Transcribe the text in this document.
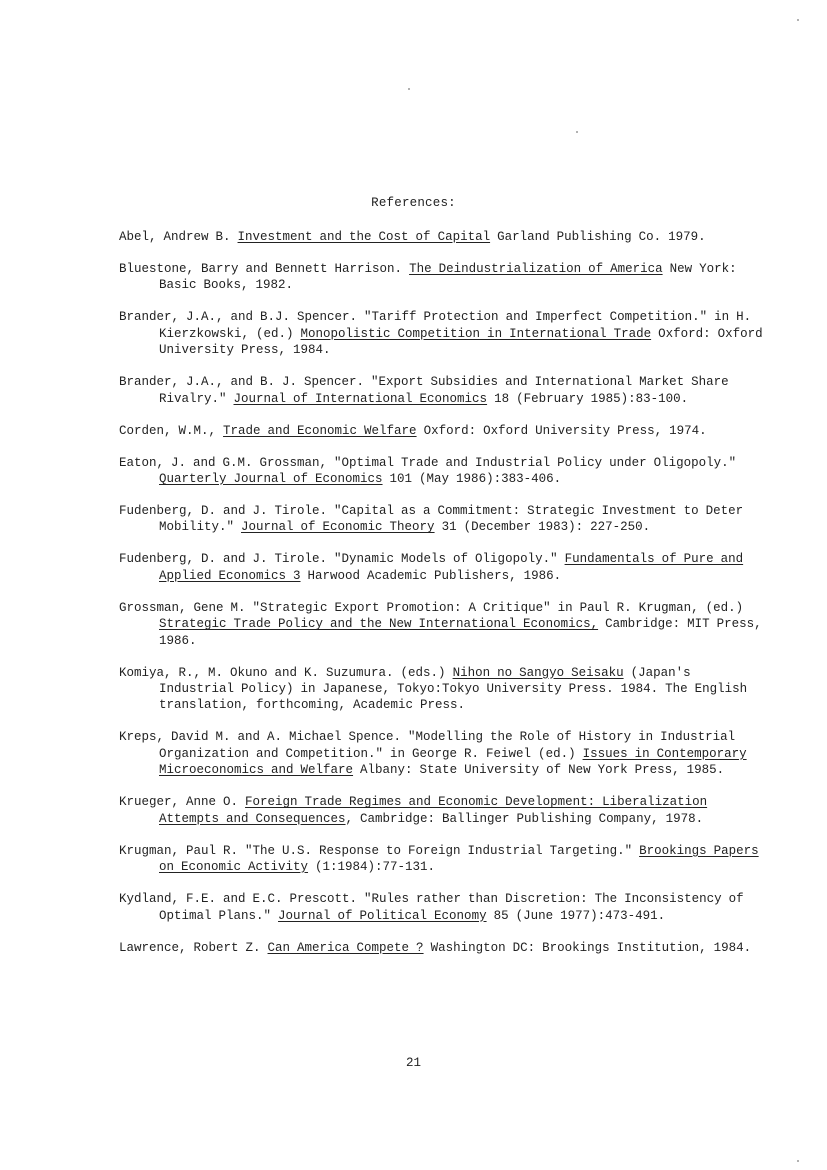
References:

Abel, Andrew B. Investment and the Cost of Capital Garland Publishing Co. 1979.

Bluestone, Barry and Bennett Harrison. The Deindustrialization of America New York: Basic Books, 1982.

Brander, J.A., and B.J. Spencer. "Tariff Protection and Imperfect Competition." in H. Kierzkowski, (ed.) Monopolistic Competition in International Trade Oxford: Oxford University Press, 1984.

Brander, J.A., and B. J. Spencer. "Export Subsidies and International Market Share Rivalry." Journal of International Economics 18 (February 1985):83-100.

Corden, W.M., Trade and Economic Welfare Oxford: Oxford University Press, 1974.

Eaton, J. and G.M. Grossman, "Optimal Trade and Industrial Policy under Oligopoly." Quarterly Journal of Economics 101 (May 1986):383-406.

Fudenberg, D. and J. Tirole. "Capital as a Commitment: Strategic Investment to Deter Mobility." Journal of Economic Theory 31 (December 1983): 227-250.

Fudenberg, D. and J. Tirole. "Dynamic Models of Oligopoly." Fundamentals of Pure and Applied Economics 3 Harwood Academic Publishers, 1986.

Grossman, Gene M. "Strategic Export Promotion: A Critique" in Paul R. Krugman, (ed.) Strategic Trade Policy and the New International Economics, Cambridge: MIT Press, 1986.

Komiya, R., M. Okuno and K. Suzumura. (eds.) Nihon no Sangyo Seisaku (Japan's Industrial Policy) in Japanese, Tokyo:Tokyo University Press. 1984. The English translation, forthcoming, Academic Press.

Kreps, David M. and A. Michael Spence. "Modelling the Role of History in Industrial Organization and Competition." in George R. Feiwel (ed.) Issues in Contemporary Microeconomics and Welfare Albany: State University of New York Press, 1985.

Krueger, Anne O. Foreign Trade Regimes and Economic Development: Liberalization Attempts and Consequences, Cambridge: Ballinger Publishing Company, 1978.

Krugman, Paul R. "The U.S. Response to Foreign Industrial Targeting." Brookings Papers on Economic Activity (1:1984):77-131.

Kydland, F.E. and E.C. Prescott. "Rules rather than Discretion: The Inconsistency of Optimal Plans." Journal of Political Economy 85 (June 1977):473-491.

Lawrence, Robert Z. Can America Compete ? Washington DC: Brookings Institution, 1984.

21
